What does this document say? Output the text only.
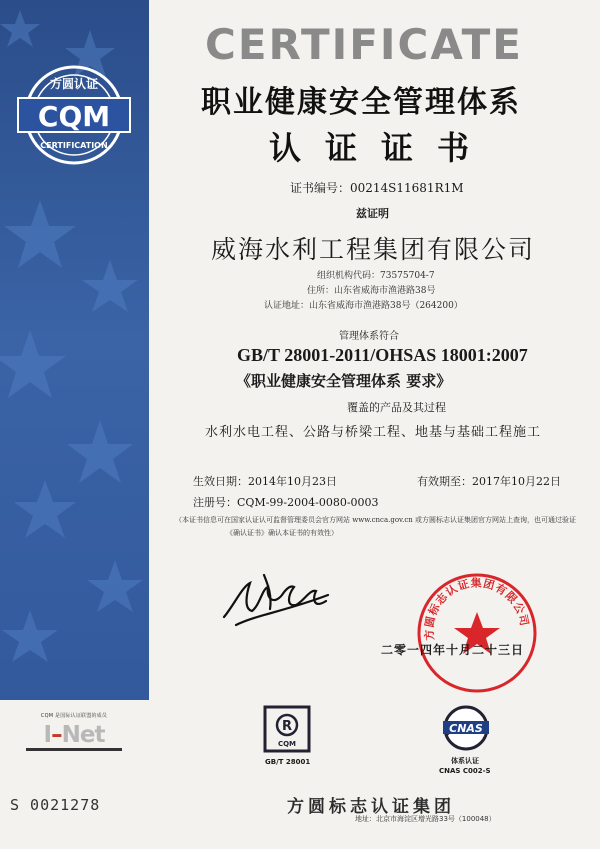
CQM
方圆认证
CERTIFICATION
CQM 是国际认证联盟的成员
I–Net
S 0021278
CERTIFICATE
职业健康安全管理体系
认证证书
证书编号：00214S11681R1M
兹证明
威海水利工程集团有限公司
组织机构代码：73575704-7
住所：山东省威海市渔港路38号
认证地址：山东省威海市渔港路38号（264200）
管理体系符合
GB/T 28001-2011/OHSAS 18001:2007
《职业健康安全管理体系 要求》
覆盖的产品及其过程
水利水电工程、公路与桥梁工程、地基与基础工程施工
生效日期：2014年10月23日	有效期至：2017年10月22日
注册号：CQM-99-2004-0080-0003
（本证书信息可在国家认证认可监督管理委员会官方网站 www.cnca.gov.cn 或方圆标志认证集团官方网站上查询，也可通过验证
《确认证书》确认本证书的有效性）
方圆标志认证集团有限公司
二零一四年十月二十三日
R
CQM
GB/T 28001
CNAS
体系认证
CNAS C002-S
方圆标志认证集团
地址：北京市海淀区增光路33号（100048）
